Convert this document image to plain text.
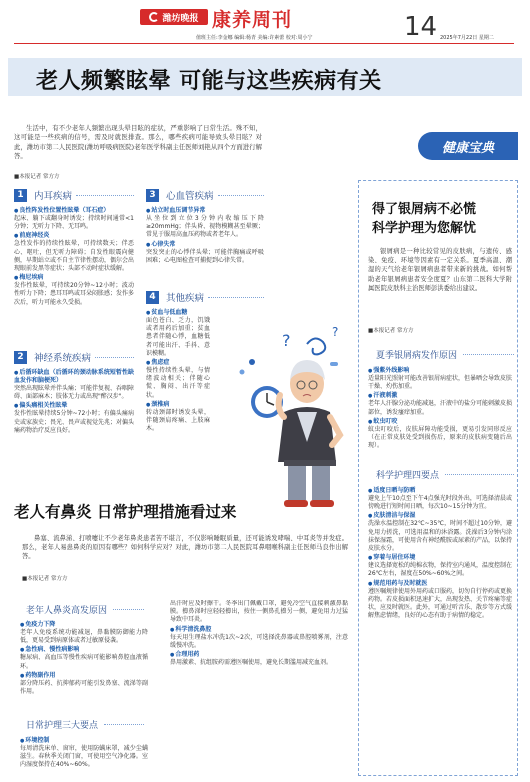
潍坊晚报 康养周刊	14 2025年7月22日 星期二
值班主任:李金娜 编辑:杨青 美编:许素蕾 校对:周小宁
老人频繁眩晕 可能与这些疾病有关
生活中，有不少老年人频繁出现头晕目眩的症状，严重影响了日常生活。殊不知，这可能是一些疾病的信号，需及时就医排查。那么，哪些疾病可能导致头晕目眩？对此，潍坊市第二人民医院(潍坊呼吸病医院)老年医学科副主任医师刘艳从四个方面进行解答。
■本报记者 常方方
1	内耳疾病
● 良性阵发性位置性眩晕（耳石症）

起床、躺下或翻身时诱发；持续时间通常<1分钟；无听力下降、无耳鸣。

● 前庭神经炎

急性发作的持续性眩晕，可持续数天；伴恶心、呕吐，但无听力障碍；自发性眼震向健侧，早期站立或不自主节律性摆动，偶尔会出现眼前发黑等症状；头部不动时症状缓解。

● 梅尼埃病

发作性眩晕，可持续20分钟~12小时；波动性听力下降；患耳耳鸣或耳朵闷胀感；发作多次后，听力可能永久受损。

2	神经系统疾病
● 后循环缺血（后循环的颈动脉系统短暂性缺血发作和脑梗死）

突然出现眩晕并伴头痛；可能伴复视、吞咽障碍、面部麻木；肢体无力或出现"醉汉步"。

● 偏头痛相关性眩晕

发作性眩晕持续5分钟~72小时；有偏头痛病史或家族史；畏光、畏声或视觉先兆；对偏头痛药物治疗反应良好。

3	心血管疾病
● 站立时血压调节异常

从坐位到立位3分钟内收缩压下降≥20mmHg；伴头昏、视物模糊甚至晕厥；常见于服用高血压药物或者老年人。

● 心律失常

突发突止的心悸伴头晕；可能伴胸痛或呼吸困难；心电图检查可捕捉到心律失常。

4	其他疾病
● 贫血与低血糖

面色苍白、乏力，饥饿或者用药后加重；贫血患者伴随心悸，血糖低者可能出汗、手抖、意识模糊。

● 焦虑症

慢性持续性头晕，与情绪波动相关；伴随心慌、胸闷、出汗等症状。

● 颈椎病

转动颈部时诱发头晕，伴随颈肩疼痛、上肢麻木。

?	?
健康宝典
得了银屑病不必慌
科学护理为您解忧
银屑病是一种比较常见的皮肤病，与遗传、感染、免疫、环境等因素有一定关系。夏季高温、潮湿的天气给老年银屑病患者带来新的挑战。如何帮助老年银屑病患者安全度夏？山东第二医科大学附属医院皮肤科主治医师彭洪委给出建议。
■本报记者 常方方
夏季银屑病发作原因
● 强紫外线影响

适量阳光照射可能改善银屑病症状，但暴晒会导致皮肤干燥、灼伤加重。

● 汗液刺激

老年人汗腺分泌功能减退，汗液中的盐分可能刺激皮损部位，诱发瘙痒加重。

● 蚊虫叮咬

蚊虫叮咬后，皮肤屏障功能受损，更易引发同形反应（在正常皮肤处受到损伤后，原来的皮肤病变随后出现）。

科学护理四要点
● 适度日晒与防晒

避免上午10点至下午4点强光时段外出，可选择清晨或傍晚进行短时间日晒，每次10~15分钟为宜。

● 皮肤清洁与保湿

洗澡水温控制在32℃~35℃，时间不超过10分钟，避免用力搓洗，可选用温和的沐浴露。洗澡后3分钟内涂抹保湿霜，可使用含有神经酰胺或尿素的产品，以保持皮肤水分。

● 穿着与居住环境

建议选择宽松的纯棉衣物，保持室内通风，温度控制在26℃左右，湿度在50%~60%之间。

● 规范用药与及时就医

遵医嘱规律使用外用药或口服药，切勿自行停药或更换药物。若皮损面积迅速扩大，出现发热、关节疼痛等症状，应及时就医。此外，可通过听音乐、散步等方式缓解焦虑情绪，良好的心态有助于病情的稳定。

老人有鼻炎 日常护理措施看过来
鼻塞、流鼻涕、打喷嚏让不少老年鼻炎患者苦不堪言，不仅影响睡眠质量，还可能诱发哮喘、中耳炎等并发症。那么，老年人易患鼻炎的原因有哪些？如何科学应对？对此，潍坊市第二人民医院耳鼻咽喉科副主任医师马良作出解答。
■本报记者 常方方
老年人鼻炎高发原因
● 免疫力下降

老年人免疫系统功能减退，鼻黏膜防御能力降低，更易受到病原体或者过敏原侵袭。

● 急性病、慢性病影响

糖尿病、高血压等慢性疾病可能影响鼻腔血液循环。

● 药物副作用

部分降压药、抗抑郁药可能引发鼻塞、流涕等副作用。

日常护理三大要点
● 环境控制

每周清洗床单、窗帘，使用防螨床罩，减少尘螨滋生。春秋季关闭门窗，可使用空气净化器。室内湿度保持在40%~60%。

出汗时应及时擦干。冬季出门佩戴口罩，避免冷空气直接刺激鼻黏膜。擤鼻涕时应轻轻擤出，按住一侧鼻孔擤另一侧，避免用力过猛导致中耳炎。

● 科学清洗鼻腔

每天用生理盐水冲洗1次~2次，可选择洗鼻器或鼻腔喷雾剂，注意缓慢冲洗。

● 合理用药

鼻用激素、抗组胺药需遵医嘱使用，避免长期滥用减充血剂。
